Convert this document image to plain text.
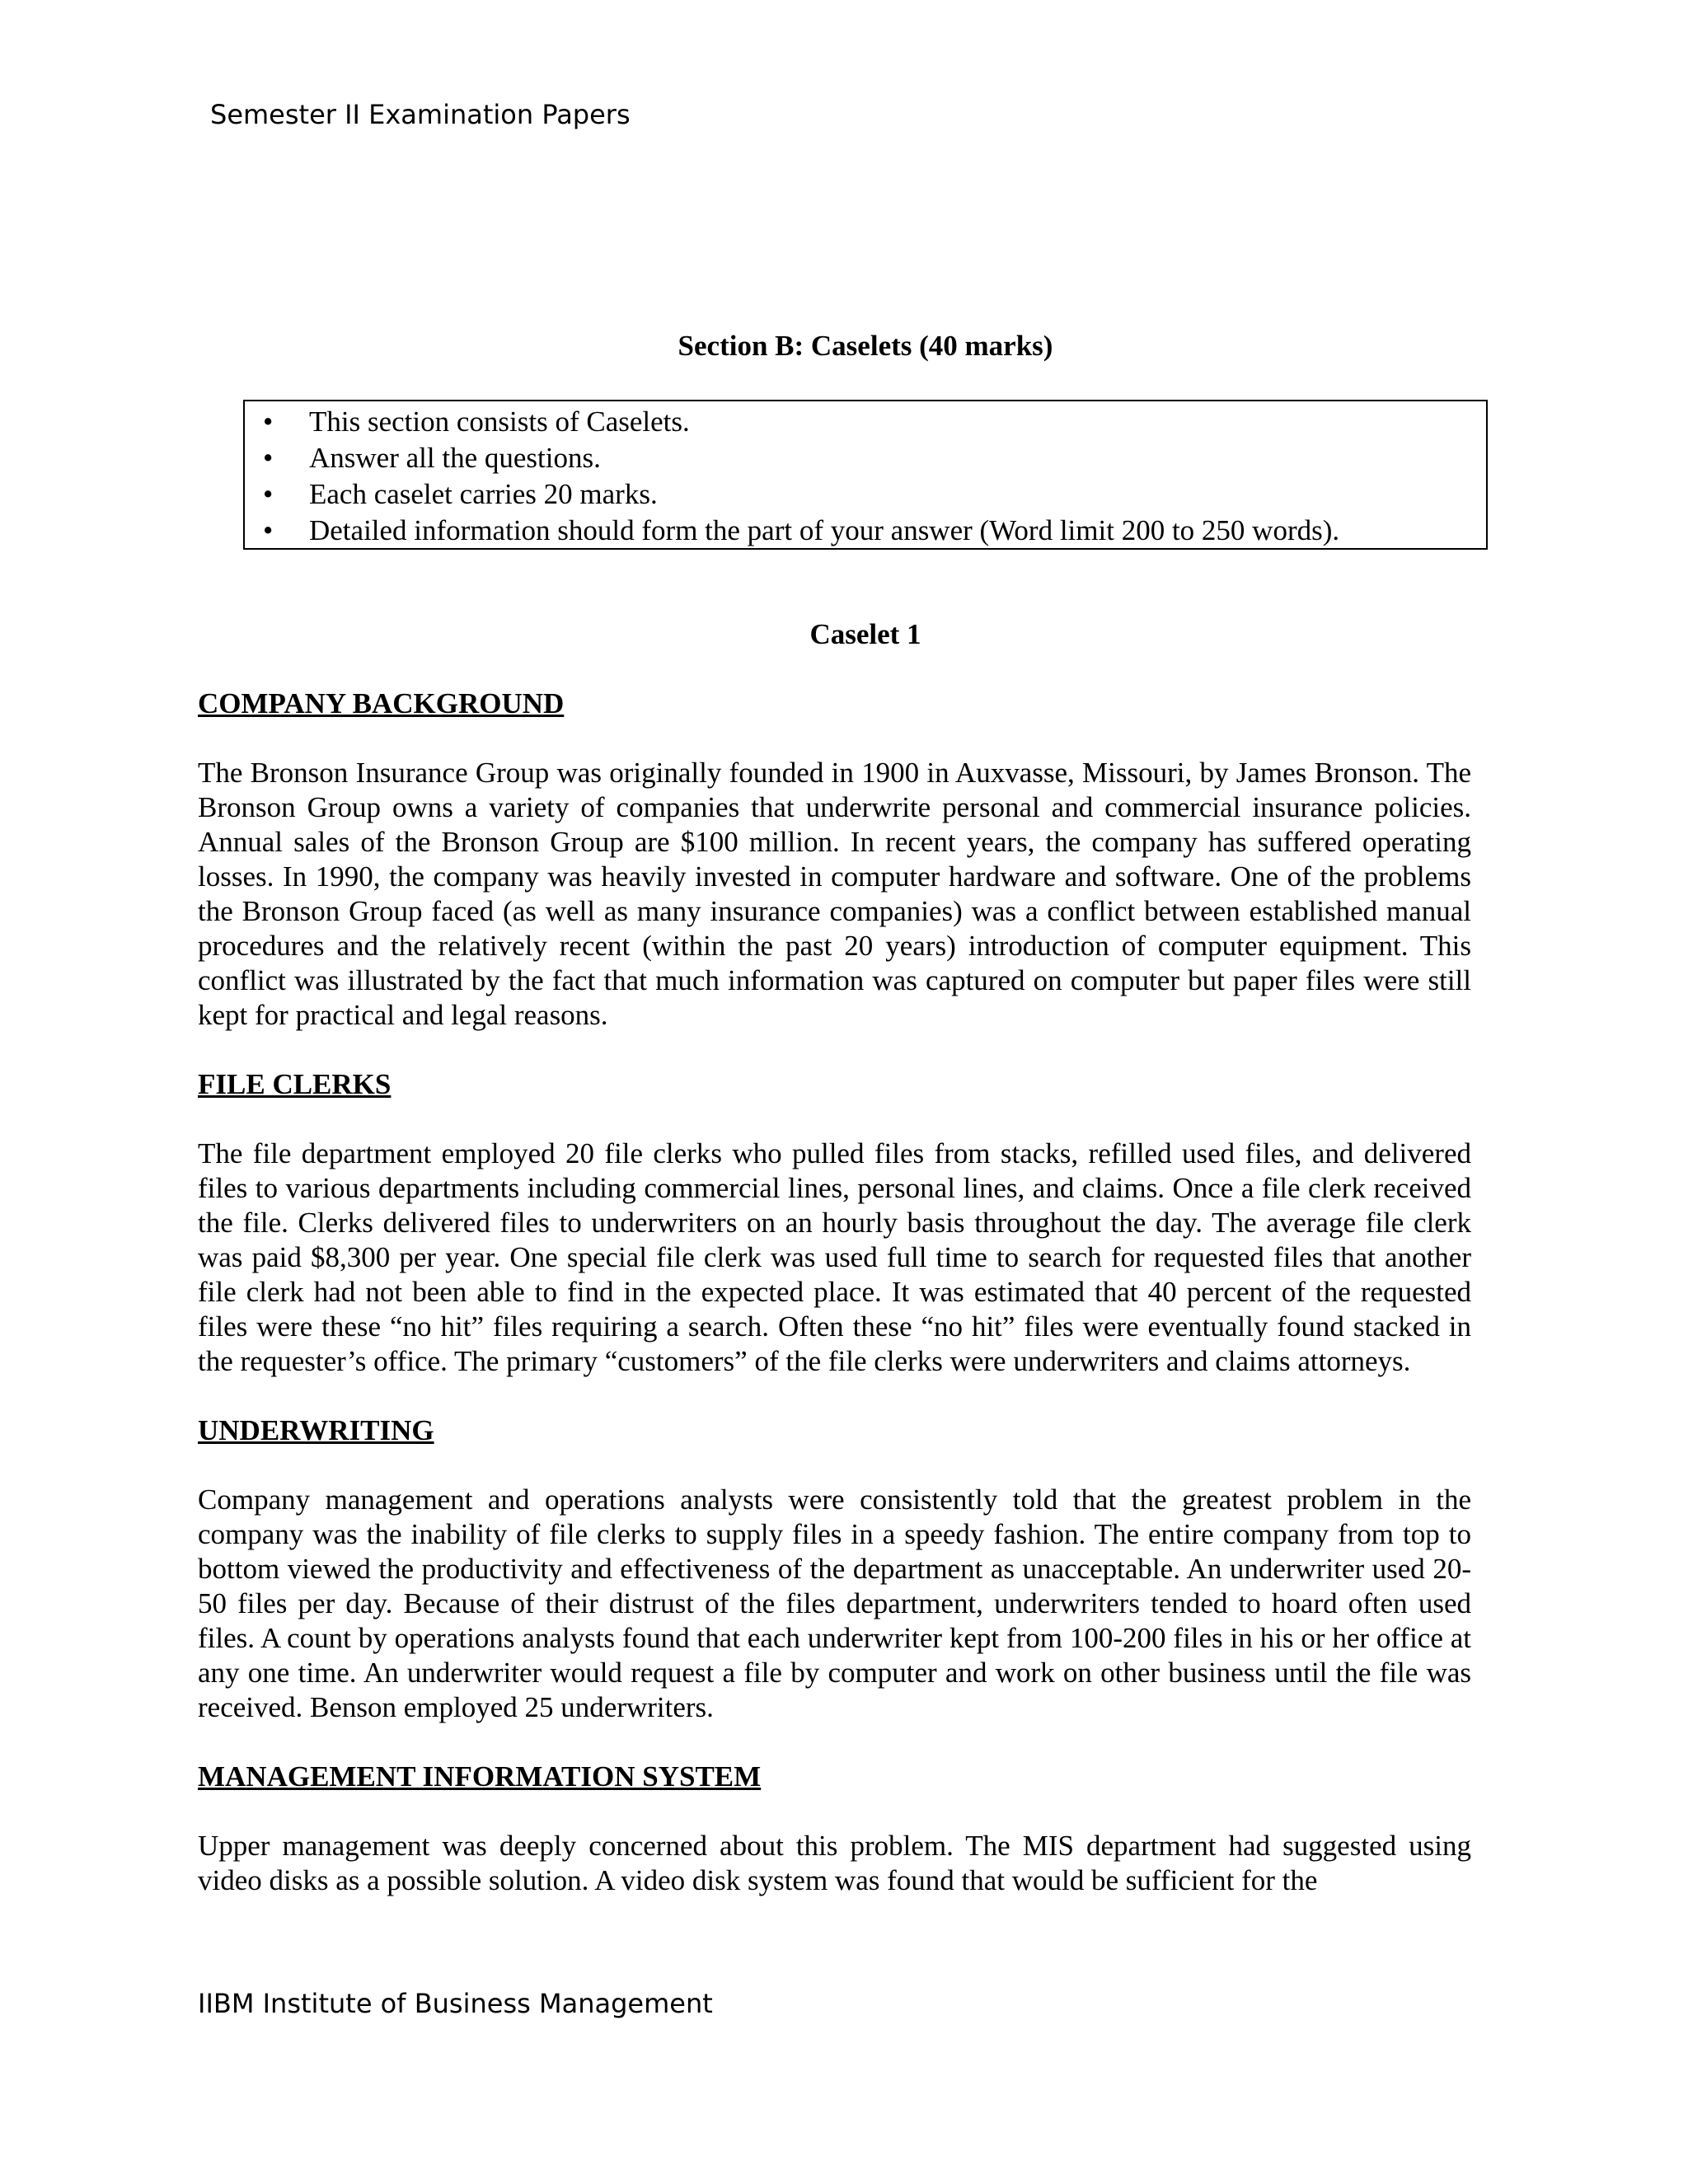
Semester II Examination Papers
Section B: Caselets (40 marks)
• This section consists of Caselets.
• Answer all the questions.
• Each caselet carries 20 marks.
• Detailed information should form the part of your answer (Word limit 200 to 250 words).
Caselet 1
COMPANY BACKGROUND

The Bronson Insurance Group was originally founded in 1900 in Auxvasse, Missouri, by James Bronson. The Bronson Group owns a variety of companies that underwrite personal and commercial insurance policies. Annual sales of the Bronson Group are $100 million. In recent years, the company has suffered operating losses. In 1990, the company was heavily invested in computer hardware and software. One of the problems the Bronson Group faced (as well as many insurance companies) was a conflict between established manual procedures and the relatively recent (within the past 20 years) introduction of computer equipment. This conflict was illustrated by the fact that much information was captured on computer but paper files were still kept for practical and legal reasons.

FILE CLERKS

The file department employed 20 file clerks who pulled files from stacks, refilled used files, and delivered files to various departments including commercial lines, personal lines, and claims. Once a file clerk received the file. Clerks delivered files to underwriters on an hourly basis throughout the day. The average file clerk was paid $8,300 per year. One special file clerk was used full time to search for requested files that another file clerk had not been able to find in the expected place. It was estimated that 40 percent of the requested files were these “no hit” files requiring a search. Often these “no hit” files were eventually found stacked in the requester’s office. The primary “customers” of the file clerks were underwriters and claims attorneys.

UNDERWRITING

Company management and operations analysts were consistently told that the greatest problem in the company was the inability of file clerks to supply files in a speedy fashion. The entire company from top to bottom viewed the productivity and effectiveness of the department as unacceptable. An underwriter used 20-50 files per day. Because of their distrust of the files department, underwriters tended to hoard often used files. A count by operations analysts found that each underwriter kept from 100-200 files in his or her office at any one time. An underwriter would request a file by computer and work on other business until the file was received. Benson employed 25 underwriters.

MANAGEMENT INFORMATION SYSTEM

Upper management was deeply concerned about this problem. The MIS department had suggested using video disks as a possible solution. A video disk system was found that would be sufficient for the

IIBM Institute of Business Management
